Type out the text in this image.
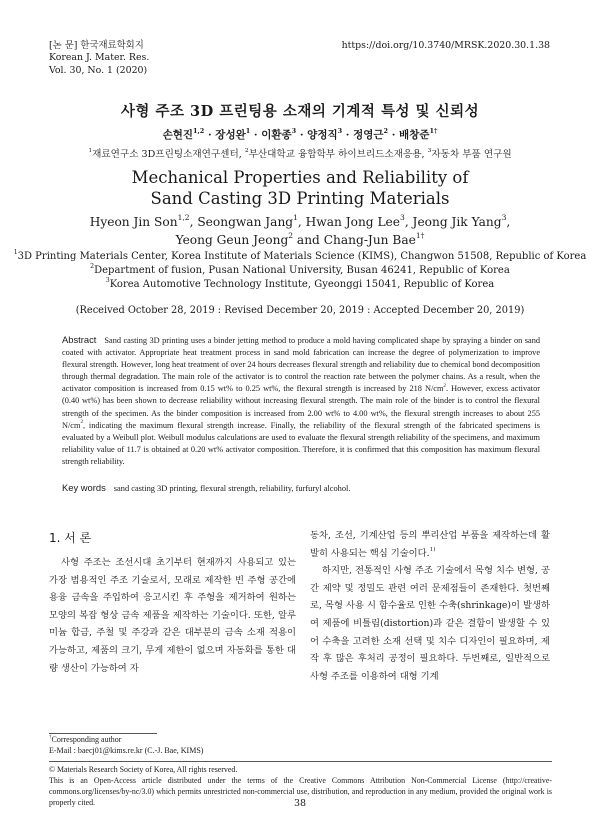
[논 문] 한국재료학회지
Korean J. Mater. Res.
Vol. 30, No. 1 (2020)
https://doi.org/10.3740/MRSK.2020.30.1.38
사형 주조 3D 프린팅용 소재의 기계적 특성 및 신뢰성
손현진$^{1,2}$ · 장성완$^1$ · 이환종$^3$ · 양정직$^3$ · 정영근$^2$ · 배창준$^{1\dagger}$
$^1$재료연구소 3D프린팅소재연구센터, $^2$부산대학교 융합학부 하이브리드소재응용, $^3$자동차 부품 연구원
Mechanical Properties and Reliability of
Sand Casting 3D Printing Materials
Hyeon Jin Son$^{1,2}$, Seongwan Jang$^1$, Hwan Jong Lee$^3$, Jeong Jik Yang$^3$,
Yeong Geun Jeong$^2$ and Chang-Jun Bae$^{1\dagger}$
$^1$3D Printing Materials Center, Korea Institute of Materials Science (KIMS), Changwon 51508, Republic of Korea
$^2$Department of fusion, Pusan National University, Busan 46241, Republic of Korea
$^3$Korea Automotive Technology Institute, Gyeonggi 15041, Republic of Korea
(Received October 28, 2019 : Revised December 20, 2019 : Accepted December 20, 2019)
Abstract Sand casting 3D printing uses a binder jetting method to produce a mold having complicated shape by spraying a binder on sand coated with activator. Appropriate heat treatment process in sand mold fabrication can increase the degree of polymerization to improve flexural strength. However, long heat treatment of over 24 hours decreases flexural strength and reliability due to chemical bond decomposition through thermal degradation. The main role of the activator is to control the reaction rate between the polymer chains. As a result, when the activator composition is increased from 0.15 wt% to 0.25 wt%, the flexural strength is increased by 218 $N/cm^2$. However, excess activator (0.40 wt%) has been shown to decrease reliability without increasing flexural strength. The main role of the binder is to control the flexural strength of the specimen. As the binder composition is increased from 2.00 wt% to 4.00 wt%, the flexural strength increases to about 255 $N/cm^2$, indicating the maximum flexural strength increase. Finally, the reliability of the flexural strength of the fabricated specimens is evaluated by a Weibull plot. Weibull modulus calculations are used to evaluate the flexural strength reliability of the specimens, and maximum reliability value of 11.7 is obtained at 0.20 wt% activator composition. Therefore, it is confirmed that this composition has maximum flexural strength reliability.
Key words sand casting 3D printing, flexural strength, reliability, furfuryl alcohol.
1. 서 론

사형 주조는 조선시대 초기부터 현재까지 사용되고 있는 가장 범용적인 주조 기술로서, 모래로 제작한 빈 주형 공간에 용융 금속을 주입하여 응고시킨 후 주형을 제거하여 원하는 모양의 복잡 형상 금속 제품을 제작하는 기술이다. 또한, 알루미늄 합금, 주철 및 주강과 같은 대부분의 금속 소재 적용이 가능하고, 제품의 크기, 무게 제한이 없으며 자동화를 통한 대량 생산이 가능하여 자

동차, 조선, 기계산업 등의 뿌리산업 부품을 제작하는데 활발히 사용되는 핵심 기술이다.$^{1)}$

하지만, 전통적인 사형 주조 기술에서 목형 치수 변형, 공간 제약 및 정밀도 관련 여러 문제점들이 존재한다. 첫번째로, 목형 사용 시 함수율로 인한 수축(shrinkage)이 발생하여 제품에 비틀림(distortion)과 같은 결함이 발생할 수 있어 수축을 고려한 소재 선택 및 치수 디자인이 필요하며, 제작 후 많은 후처리 공정이 필요하다. 두번째로, 일반적으로 사형 주조를 이용하여 대형 기계

†Corresponding author
E-Mail : baecj01@kims.re.kr (C.-J. Bae, KIMS)
© Materials Research Society of Korea, All rights reserved.
This is an Open-Access article distributed under the terms of the Creative Commons Attribution Non-Commercial License (http://creative-commons.org/licenses/by-nc/3.0) which permits unrestricted non-commercial use, distribution, and reproduction in any medium, provided the original work is properly cited.	38
